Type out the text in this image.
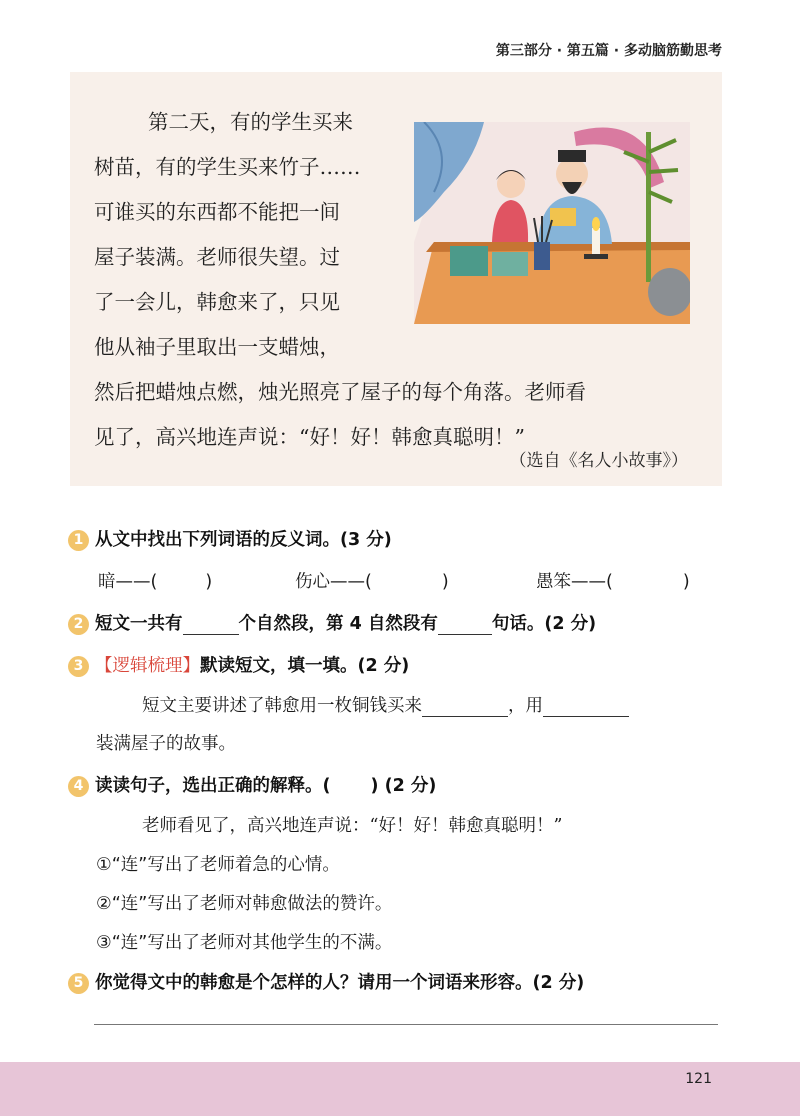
第三部分 · 第五篇 · 多动脑筋勤思考
第二天，有的学生买来
树苗，有的学生买来竹子……
可谁买的东西都不能把一间
屋子装满。老师很失望。过
了一会儿，韩愈来了，只见
他从袖子里取出一支蜡烛，
然后把蜡烛点燃，烛光照亮了屋子的每个角落。老师看
见了，高兴地连声说：“好！好！韩愈真聪明！”
（选自《名人小故事》）
1 从文中找出下列词语的反义词。(3 分)
暗——(	)	伤心——(	)	愚笨——(	)
2 短文一共有	个自然段，第 4 自然段有	句话。(2 分)
3 【逻辑梳理】默读短文，填一填。(2 分)
短文主要讲述了韩愈用一枚铜钱买来	，用
装满屋子的故事。
4 读读句子，选出正确的解释。( ) (2 分)
老师看见了，高兴地连声说：“好！好！韩愈真聪明！”
①“连”写出了老师着急的心情。
②“连”写出了老师对韩愈做法的赞许。
③“连”写出了老师对其他学生的不满。
5 你觉得文中的韩愈是个怎样的人？请用一个词语来形容。(2 分)
121
